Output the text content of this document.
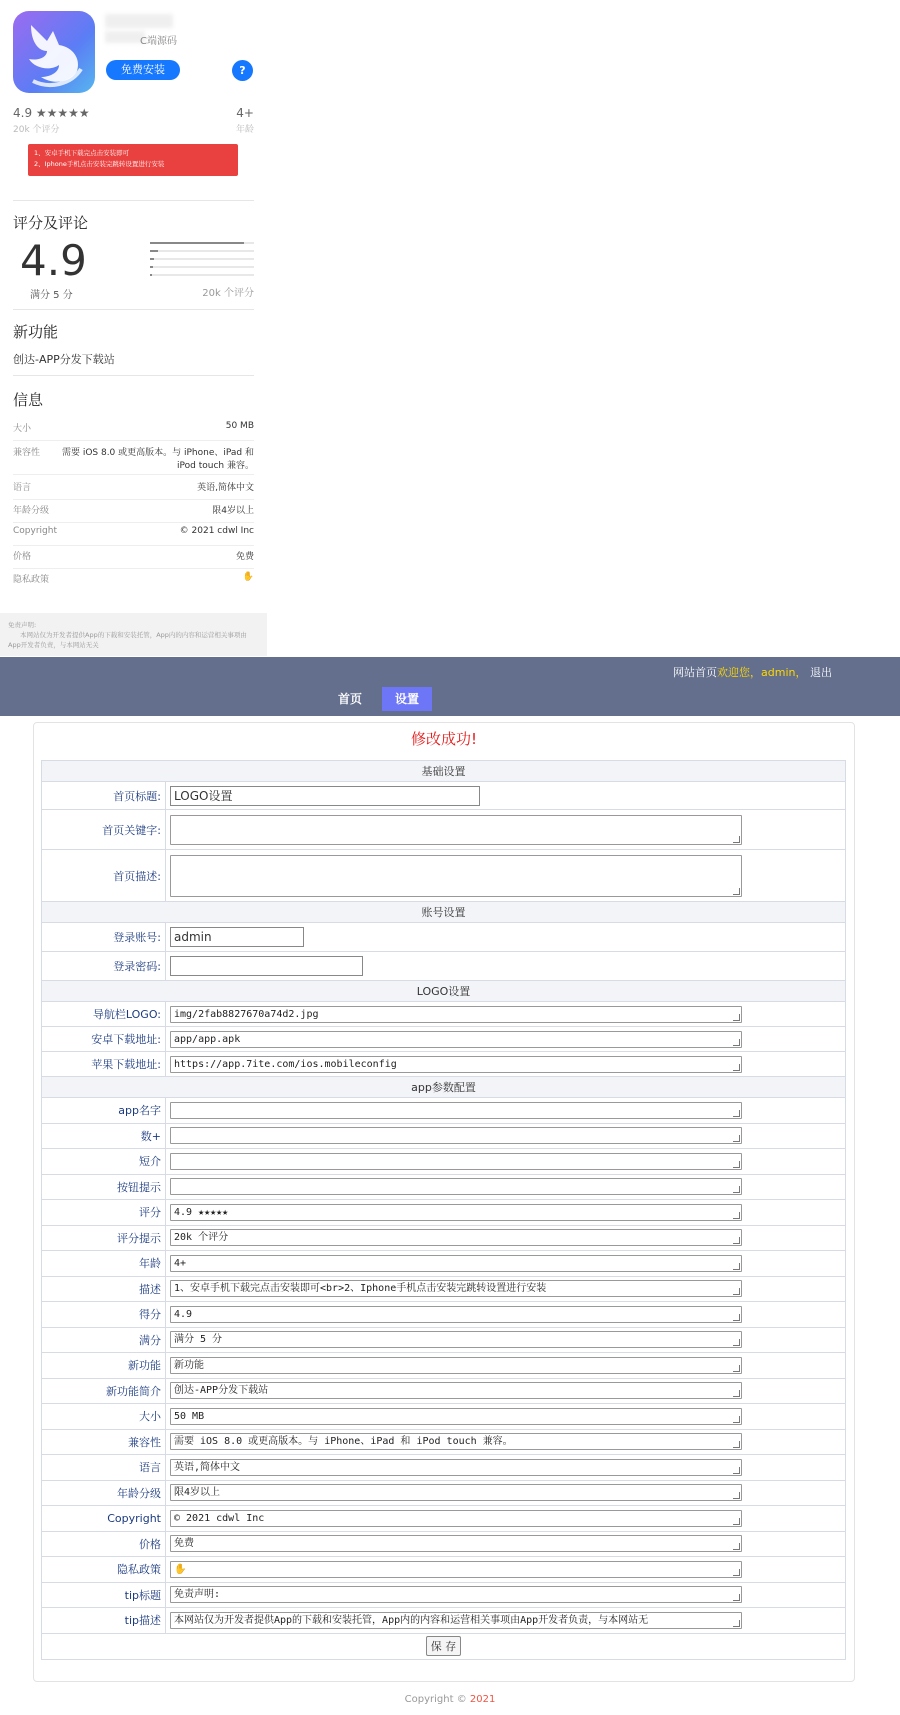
C端源码
免费安装	?
4.9 ★★★★★
20k 个评分
4+
年龄
1、安卓手机下载完点击安装即可
2、Iphone手机点击安装完跳转设置进行安装
评分及评论
4.9
满分 5 分	20k 个评分
新功能
创达-APP分发下载站
信息
大小	50 MB
兼容性 需要 iOS 8.0 或更高版本。与 iPhone、iPad 和
iPod touch 兼容。
语言	英语,简体中文
年龄分级	限4岁以上
Copyright	© 2021 cdwl Inc
价格	免费
隐私政策	✋
免责声明:
本网站仅为开发者提供App的下载和安装托管，App内的内容和运营相关事项由App开发者负责，与本网站无关
网站首页欢迎您，admin， 退出
首页	设置
修改成功!
基础设置	
首页标题:	LOGO设置

首页关键字:	

首页描述:	

账号设置	
登录账号:	admin

登录密码:	

LOGO设置	
导航栏LOGO:	img/2fab8827670a74d2.jpg

安卓下载地址:	app/app.apk

苹果下载地址:	https://app.7ite.com/ios.mobileconfig

app参数配置	
app名字	

数+	

短介	

按钮提示	

评分	4.9 ★★★★★

评分提示	20k 个评分

年龄	4+

描述	1、安卓手机下载完点击安装即可<br>2、Iphone手机点击安装完跳转设置进行安装

得分	4.9

满分	满分 5 分

新功能	新功能

新功能简介	创达-APP分发下载站

大小	50 MB

兼容性	需要 iOS 8.0 或更高版本。与 iPhone、iPad 和 iPod touch 兼容。

语言	英语,简体中文

年龄分级	限4岁以上

Copyright	© 2021 cdwl Inc

价格	免费

隐私政策	✋

tip标题	免责声明:

tip描述	本网站仅为开发者提供App的下载和安装托管，App内的内容和运营相关事项由App开发者负责，与本网站无

保 存	
Copyright © 2021
